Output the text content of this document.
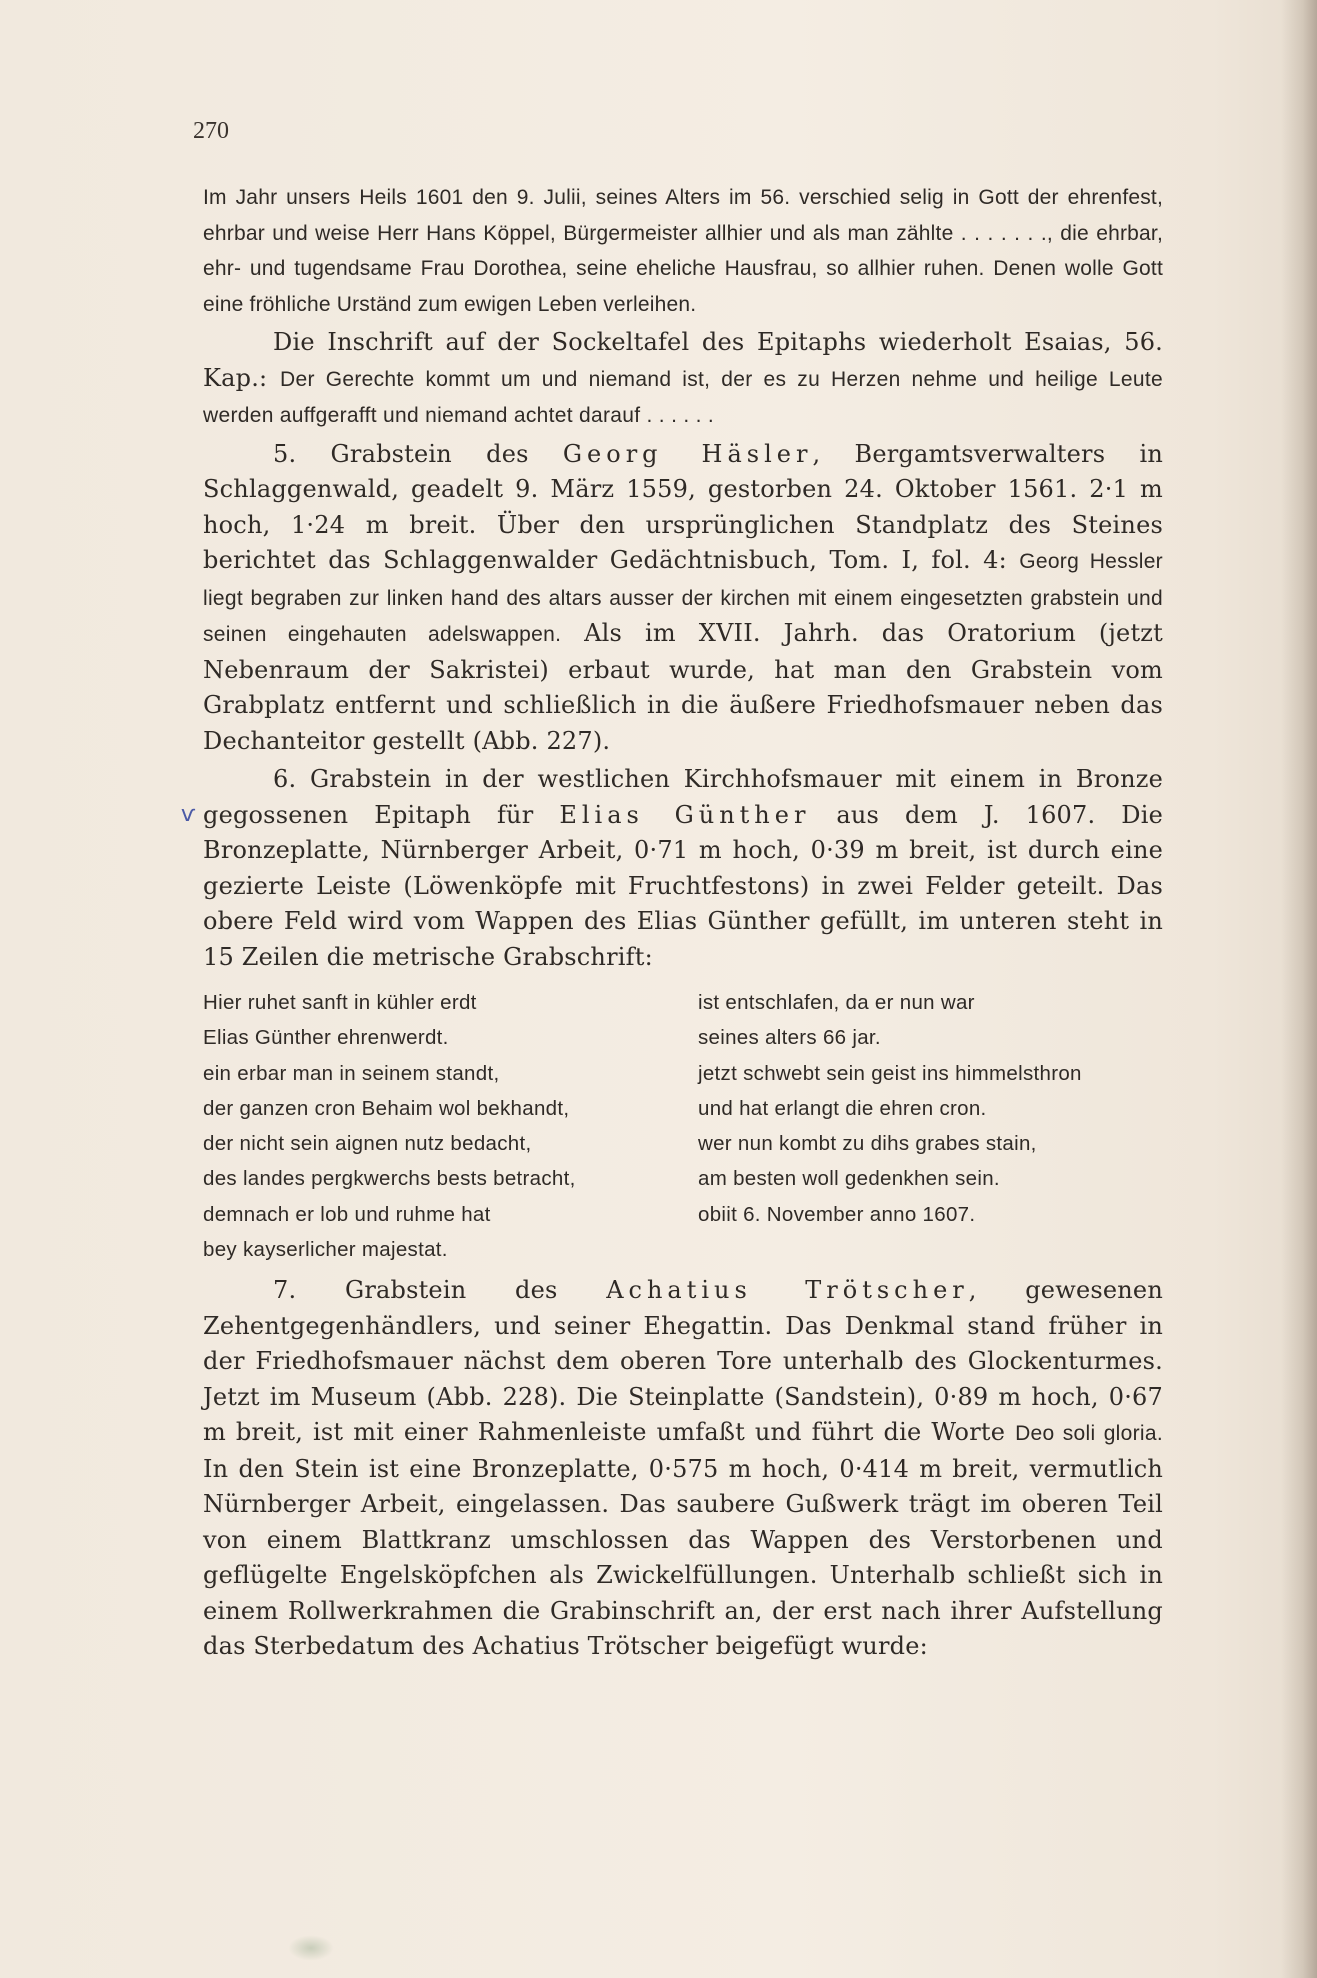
270
ѵ

Im Jahr unsers Heils 1601 den 9. Julii, seines Alters im 56. verschied selig in Gott der ehrenfest, ehrbar und weise Herr Hans Köppel, Bürgermeister allhier und als man zählte . . . . . . ., die ehrbar, ehr- und tugendsame Frau Dorothea, seine eheliche Hausfrau, so allhier ruhen. Denen wolle Gott eine fröhliche Urständ zum ewigen Leben verleihen.

Die Inschrift auf der Sockeltafel des Epitaphs wiederholt Esaias, 56. Kap.: Der Gerechte kommt um und niemand ist, der es zu Herzen nehme und heilige Leute werden auffgerafft und niemand achtet darauf . . . . . .

5. Grabstein des Georg Häsler, Bergamtsverwalters in Schlaggenwald, geadelt 9. März 1559, gestorben 24. Oktober 1561. 2·1 m hoch, 1·24 m breit. Über den ursprünglichen Standplatz des Steines berichtet das Schlaggenwalder Gedächtnisbuch, Tom. I, fol. 4: Georg Hessler liegt begraben zur linken hand des altars ausser der kirchen mit einem eingesetzten grabstein und seinen eingehauten adelswappen. Als im XVII. Jahrh. das Oratorium (jetzt Nebenraum der Sakristei) erbaut wurde, hat man den Grabstein vom Grabplatz entfernt und schließlich in die äußere Friedhofsmauer neben das Dechanteitor gestellt (Abb. 227).

6. Grabstein in der westlichen Kirchhofsmauer mit einem in Bronze gegossenen Epitaph für Elias Günther aus dem J. 1607. Die Bronzeplatte, Nürnberger Arbeit, 0·71 m hoch, 0·39 m breit, ist durch eine gezierte Leiste (Löwenköpfe mit Fruchtfestons) in zwei Felder geteilt. Das obere Feld wird vom Wappen des Elias Günther gefüllt, im unteren steht in 15 Zeilen die metrische Grabschrift:

Hier ruhet sanft in kühler erdt
Elias Günther ehrenwerdt.
ein erbar man in seinem standt,
der ganzen cron Behaim wol bekhandt,
der nicht sein aignen nutz bedacht,
des landes pergkwerchs bests betracht,
demnach er lob und ruhme hat
bey kayserlicher majestat.
ist entschlafen, da er nun war
seines alters 66 jar.
jetzt schwebt sein geist ins himmelsthron
und hat erlangt die ehren cron.
wer nun kombt zu dihs grabes stain,
am besten woll gedenkhen sein.
obiit 6. November anno 1607.

7. Grabstein des Achatius Trötscher, gewesenen Zehentgegenhändlers, und seiner Ehegattin. Das Denkmal stand früher in der Friedhofsmauer nächst dem oberen Tore unterhalb des Glockenturmes. Jetzt im Museum (Abb. 228). Die Steinplatte (Sandstein), 0·89 m hoch, 0·67 m breit, ist mit einer Rahmenleiste umfaßt und führt die Worte Deo soli gloria. In den Stein ist eine Bronzeplatte, 0·575 m hoch, 0·414 m breit, vermutlich Nürnberger Arbeit, eingelassen. Das saubere Gußwerk trägt im oberen Teil von einem Blattkranz umschlossen das Wappen des Verstorbenen und geflügelte Engelsköpfchen als Zwickelfüllungen. Unterhalb schließt sich in einem Rollwerkrahmen die Grabinschrift an, der erst nach ihrer Aufstellung das Sterbedatum des Achatius Trötscher beigefügt wurde:
